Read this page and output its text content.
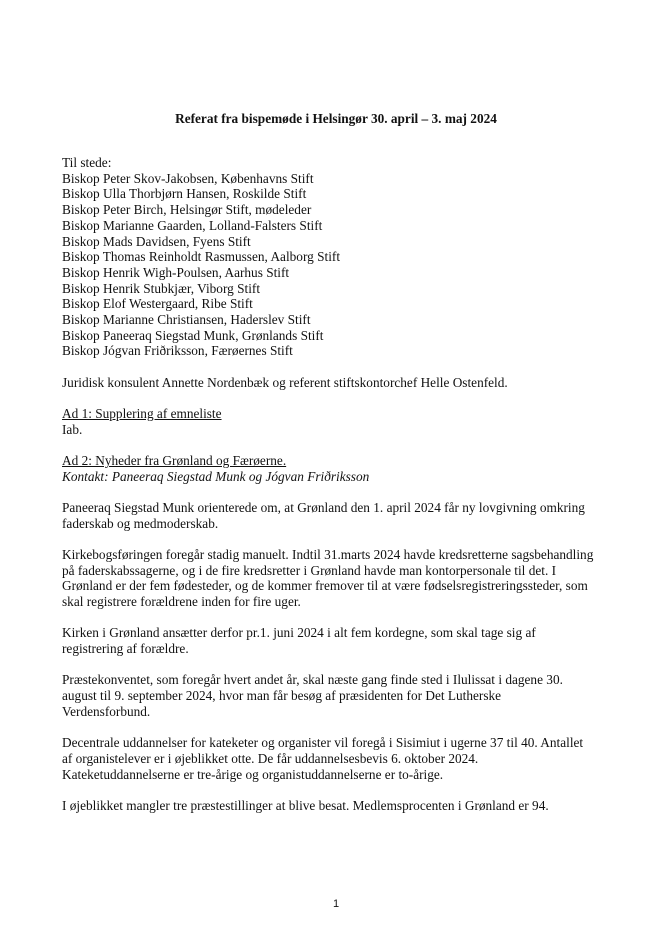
Referat fra bispemøde i Helsingør 30. april – 3. maj 2024
Til stede:
Biskop Peter Skov-Jakobsen, Københavns Stift
Biskop Ulla Thorbjørn Hansen, Roskilde Stift
Biskop Peter Birch, Helsingør Stift, mødeleder
Biskop Marianne Gaarden, Lolland-Falsters Stift
Biskop Mads Davidsen, Fyens Stift
Biskop Thomas Reinholdt Rasmussen, Aalborg Stift
Biskop Henrik Wigh-Poulsen, Aarhus Stift
Biskop Henrik Stubkjær, Viborg Stift
Biskop Elof Westergaard, Ribe Stift
Biskop Marianne Christiansen, Haderslev Stift
Biskop Paneeraq Siegstad Munk, Grønlands Stift
Biskop Jógvan Friðriksson, Færøernes Stift
Juridisk konsulent Annette Nordenbæk og referent stiftskontorchef Helle Ostenfeld.
Ad 1: Supplering af emneliste
Iab.
Ad 2: Nyheder fra Grønland og Færøerne.
Kontakt: Paneeraq Siegstad Munk og Jógvan Friðriksson
Paneeraq Siegstad Munk orienterede om, at Grønland den 1. april 2024 får ny lovgivning omkring
faderskab og medmoderskab.
Kirkebogsføringen foregår stadig manuelt. Indtil 31.marts 2024 havde kredsretterne sagsbehandling
på faderskabssagerne, og i de fire kredsretter i Grønland havde man kontorpersonale til det. I
Grønland er der fem fødesteder, og de kommer fremover til at være fødselsregistreringssteder, som
skal registrere forældrene inden for fire uger.
Kirken i Grønland ansætter derfor pr.1. juni 2024 i alt fem kordegne, som skal tage sig af
registrering af forældre.
Præstekonventet, som foregår hvert andet år, skal næste gang finde sted i Ilulissat i dagene 30.
august til 9. september 2024, hvor man får besøg af præsidenten for Det Lutherske
Verdensforbund.
Decentrale uddannelser for kateketer og organister vil foregå i Sisimiut i ugerne 37 til 40. Antallet
af organistelever er i øjeblikket otte. De får uddannelsesbevis 6. oktober 2024.
Kateketuddannelserne er tre-årige og organistuddannelserne er to-årige.
I øjeblikket mangler tre præstestillinger at blive besat. Medlemsprocenten i Grønland er 94.
1
